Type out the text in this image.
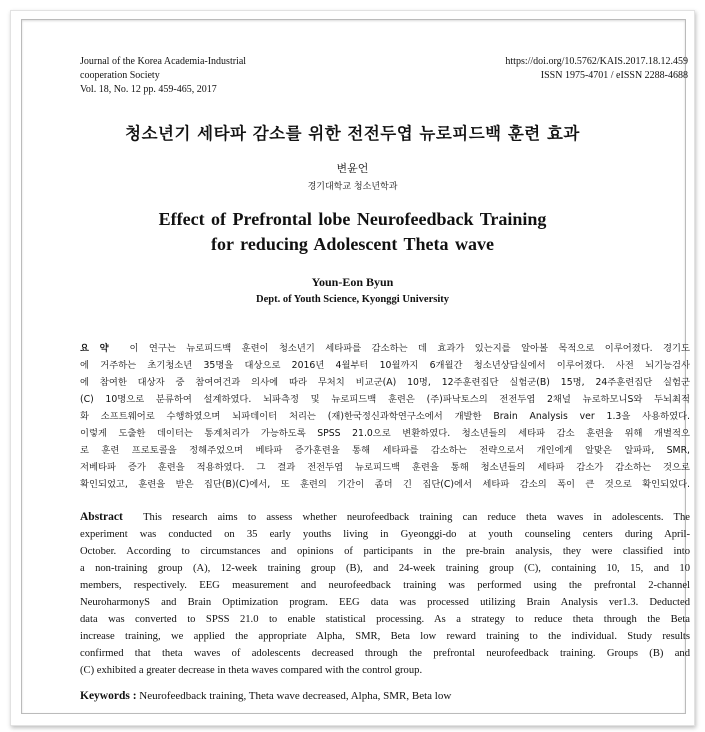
Journal of the Korea Academia-Industrial
cooperation Society
Vol. 18, No. 12 pp. 459-465, 2017
https://doi.org/10.5762/KAIS.2017.18.12.459
ISSN 1975-4701 / eISSN 2288-4688
청소년기 세타파 감소를 위한 전전두엽 뉴로피드백 훈련 효과
변윤언
경기대학교 청소년학과
Effect of Prefrontal lobe Neurofeedback Training
for reducing Adolescent Theta wave
Youn-Eon Byun
Dept. of Youth Science, Kyonggi University
요 약 이 연구는 뉴로피드백 훈련이 청소년기 세타파를 감소하는 데 효과가 있는지를 알아볼 목적으로 이루어졌다. 경기도
에 거주하는 초기청소년 35명을 대상으로 2016년 4월부터 10월까지 6개월간 청소년상담실에서 이루어졌다. 사전 뇌기능검사
에 참여한 대상자 중 참여여건과 의사에 따라 무처치 비교군(A) 10명, 12주훈련집단 실험군(B) 15명, 24주훈련집단 실험군
(C) 10명으로 분류하여 설계하였다. 뇌파측정 및 뉴로피드백 훈련은 (주)파낙토스의 전전두엽 2채널 뉴로하모니S와 두뇌최적
화 소프트웨어로 수행하였으며 뇌파데이터 처리는 (재)한국정신과학연구소에서 개발한 Brain Analysis ver 1.3을 사용하였다.
이렇게 도출한 데이터는 통계처리가 가능하도록 SPSS 21.0으로 변환하였다. 청소년들의 세타파 감소 훈련을 위해 개별적으
로 훈련 프로토콜을 정해주었으며 베타파 증가훈련을 통해 세타파를 감소하는 전략으로서 개인에게 알맞은 알파파, SMR,
저베타파 증가 훈련을 적용하였다. 그 결과 전전두엽 뉴로피드백 훈련을 통해 청소년들의 세타파 감소가 감소하는 것으로
확인되었고, 훈련을 받은 집단(B)(C)에서, 또 훈련의 기간이 좀더 긴 집단(C)에서 세타파 감소의 폭이 큰 것으로 확인되었다.
Abstract This research aims to assess whether neurofeedback training can reduce theta waves in adolescents. The
experiment was conducted on 35 early youths living in Gyeonggi-do at youth counseling centers during April-
October. According to circumstances and opinions of participants in the pre-brain analysis, they were classified into
a non-training group (A), 12-week training group (B), and 24-week training group (C), containing 10, 15, and 10
members, respectively. EEG measurement and neurofeedback training was performed using the prefrontal 2-channel
NeuroharmonyS and Brain Optimization program. EEG data was processed utilizing Brain Analysis ver1.3. Deducted
data was converted to SPSS 21.0 to enable statistical processing. As a strategy to reduce theta through the Beta
increase training, we applied the appropriate Alpha, SMR, Beta low reward training to the individual. Study results
confirmed that theta waves of adolescents decreased through the prefrontal neurofeedback training. Groups (B) and
(C) exhibited a greater decrease in theta waves compared with the control group.
Keywords : Neurofeedback training, Theta wave decreased, Alpha, SMR, Beta low
